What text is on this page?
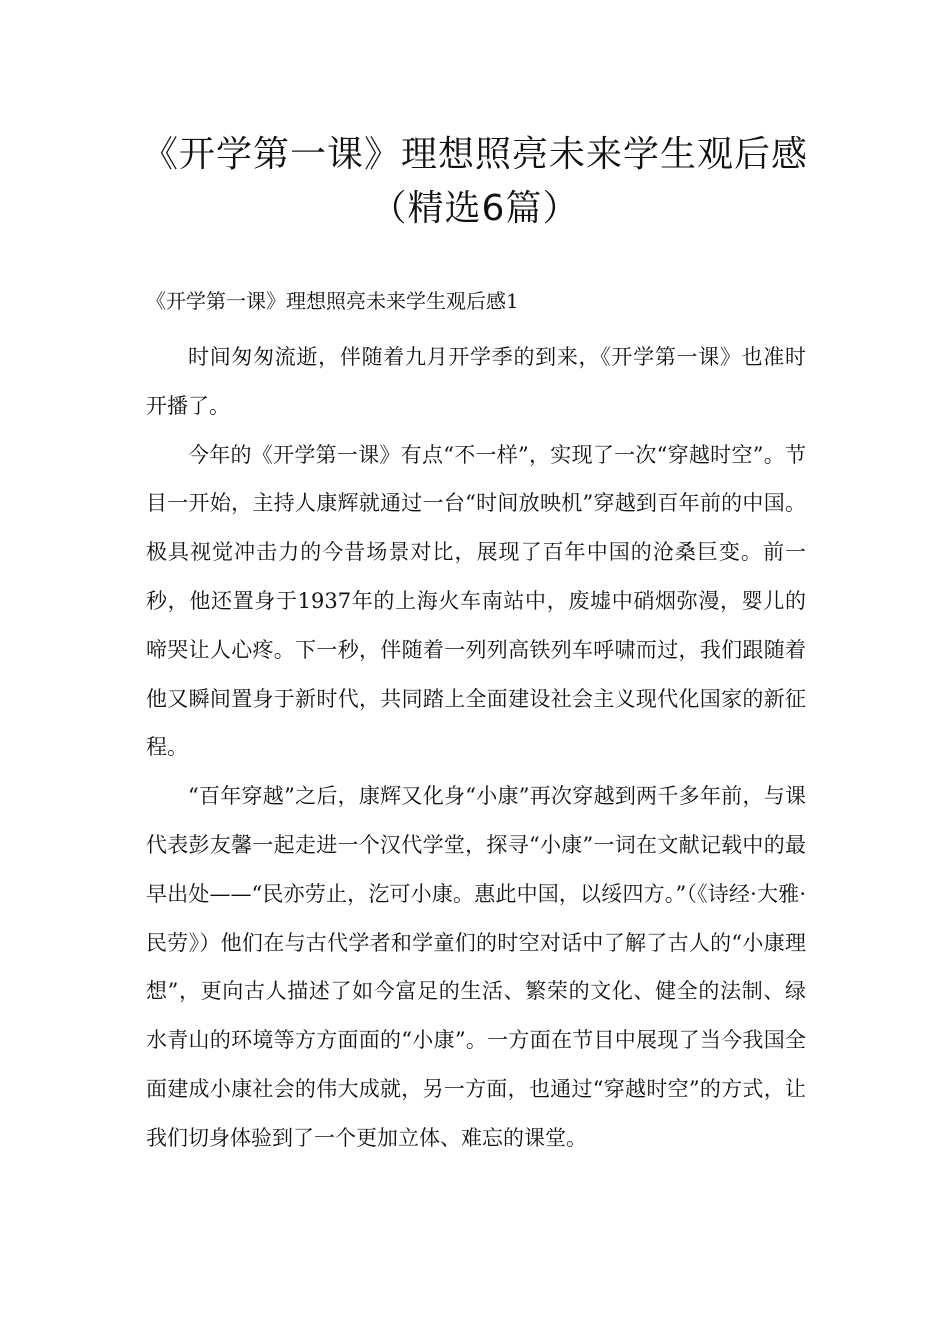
《开学第一课》理想照亮未来学生观后感（精选6篇）

《开学第一课》理想照亮未来学生观后感1

时间匆匆流逝，伴随着九月开学季的到来，《开学第一课》也准时开播了。

今年的《开学第一课》有点“不一样”，实现了一次“穿越时空”。节目一开始，主持人康辉就通过一台“时间放映机”穿越到百年前的中国。极具视觉冲击力的今昔场景对比，展现了百年中国的沧桑巨变。前一秒，他还置身于1937年的上海火车南站中，废墟中硝烟弥漫，婴儿的啼哭让人心疼。下一秒，伴随着一列列高铁列车呼啸而过，我们跟随着他又瞬间置身于新时代，共同踏上全面建设社会主义现代化国家的新征程。

“百年穿越”之后，康辉又化身“小康”再次穿越到两千多年前，与课代表彭友馨一起走进一个汉代学堂，探寻“小康”一词在文献记载中的最早出处——“民亦劳止，汔可小康。惠此中国，以绥四方。”（《诗经·大雅·民劳》）他们在与古代学者和学童们的时空对话中了解了古人的“小康理想”，更向古人描述了如今富足的生活、繁荣的文化、健全的法制、绿水青山的环境等方方面面的“小康”。一方面在节目中展现了当今我国全面建成小康社会的伟大成就，另一方面，也通过“穿越时空”的方式，让我们切身体验到了一个更加立体、难忘的课堂。
